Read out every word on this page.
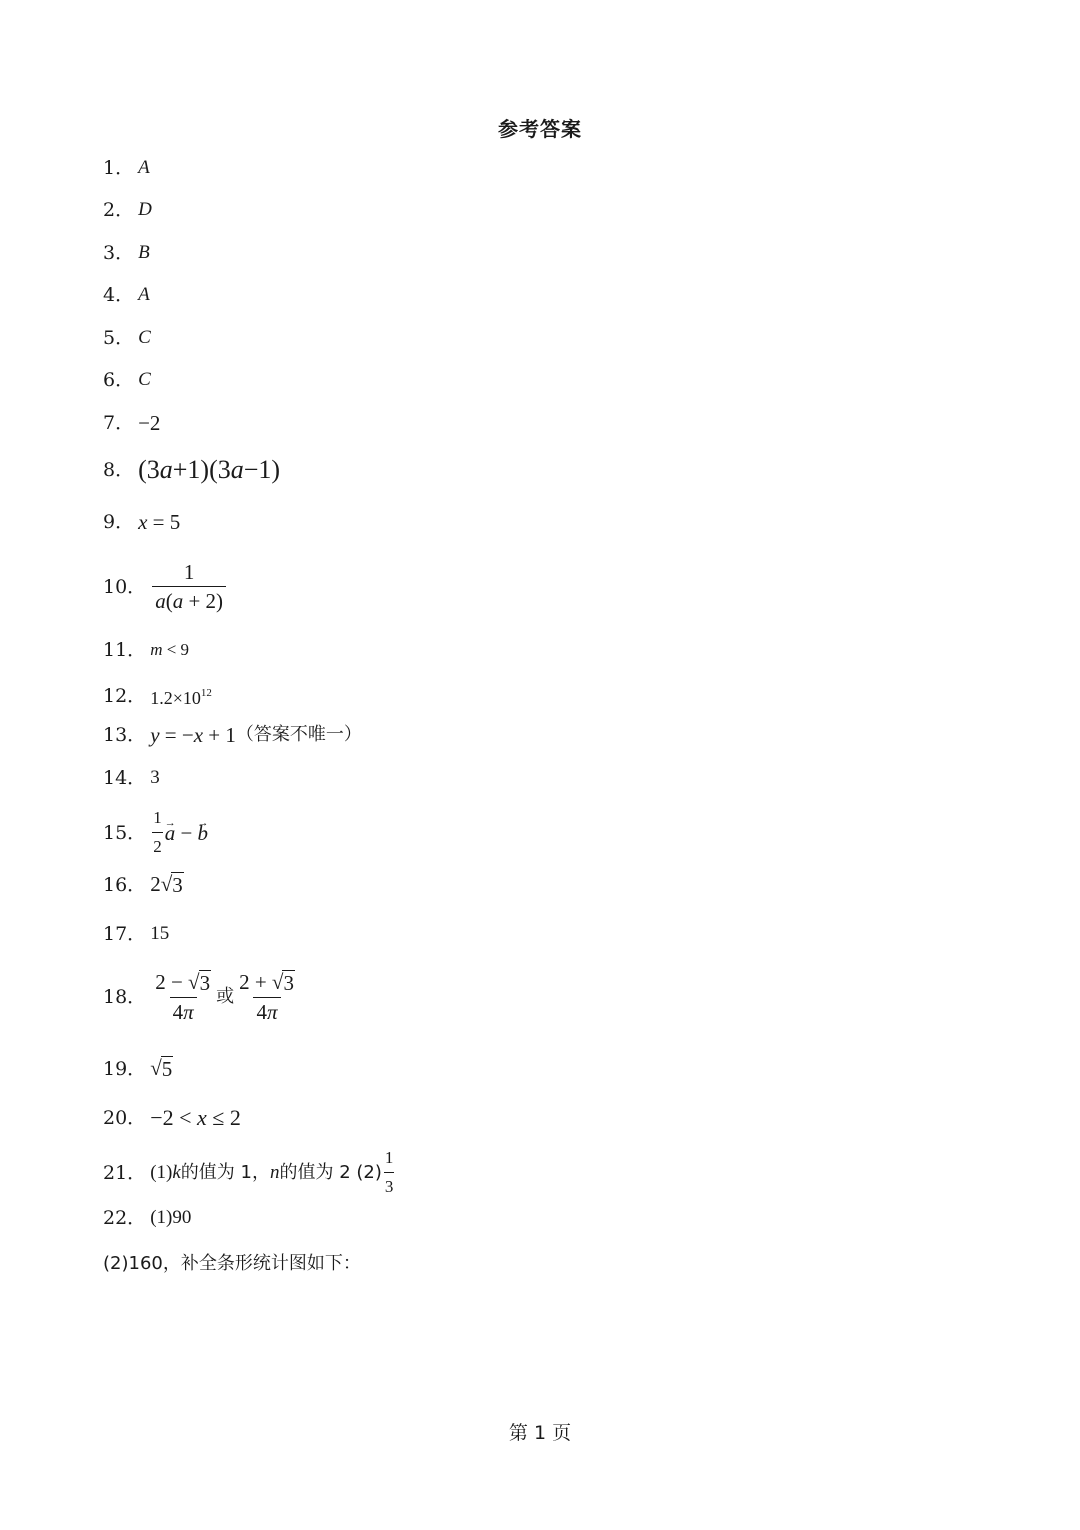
参考答案
1． A
2． D
3． B
4． A
5． C
6． C
7． −2
8． (3a+1)(3a−1)
9． x = 5
10． $\frac{1}{a(a + 2)}$
11． m < 9
12． $1.2\times 10^{12}$
13． y = −x + 1 （答案不唯一）
14． 3
15． $\frac{1}{2}$
→ a − → b
16． 2 √ 3
17． 15
18． $\frac{2 - √ 3}{4\pi}$ 或 $\frac{2 + √ 3}{4\pi}$
19． √ 5
20． −2 < x ≤ 2
21． (1)k 的值为 1， n 的值为 2 $(2) \frac{1}{3}$
22． (1)90
(2)160，补全条形统计图如下：
第 1 页
